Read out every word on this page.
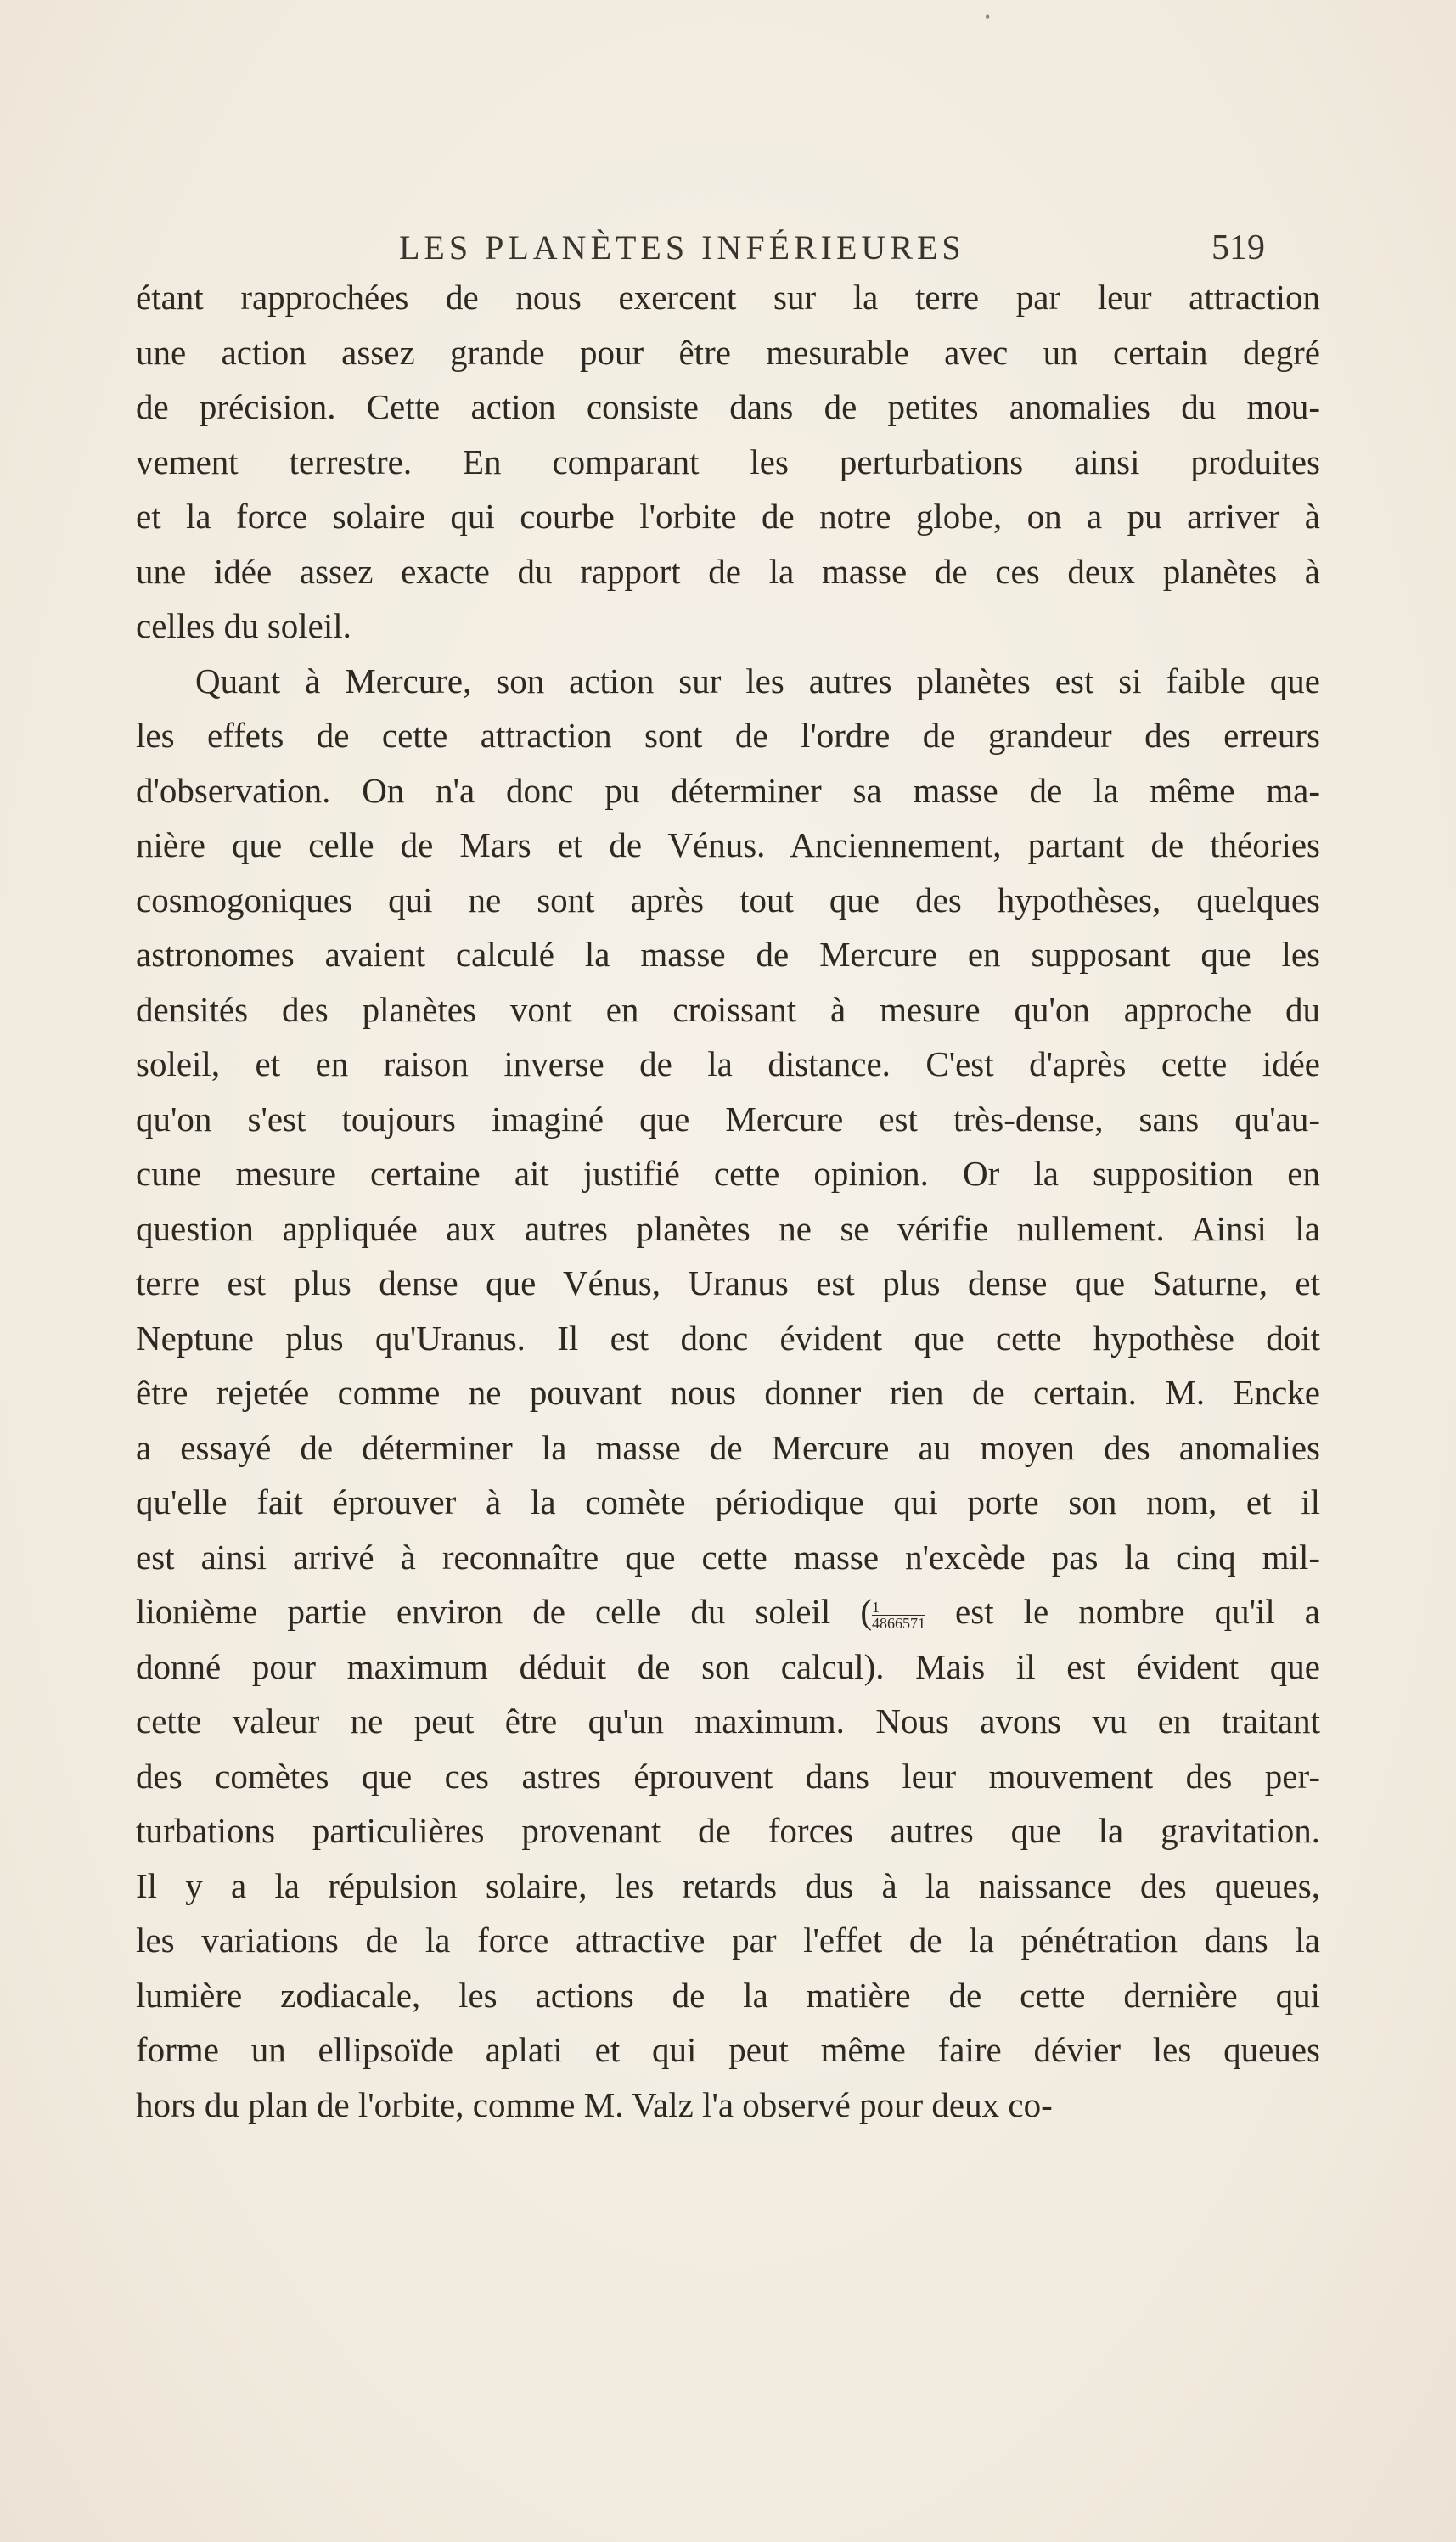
•
LES PLANÈTES INFÉRIEURES	519
étant rapprochées de nous exercent sur la terre par leur attraction
une action assez grande pour être mesurable avec un certain degré
de précision. Cette action consiste dans de petites anomalies du mou-
vement terrestre. En comparant les perturbations ainsi produites
et la force solaire qui courbe l'orbite de notre globe, on a pu arriver à
une idée assez exacte du rapport de la masse de ces deux planètes à
celles du soleil.
Quant à Mercure, son action sur les autres planètes est si faible que
les effets de cette attraction sont de l'ordre de grandeur des erreurs
d'observation. On n'a donc pu déterminer sa masse de la même ma-
nière que celle de Mars et de Vénus. Anciennement, partant de théories
cosmogoniques qui ne sont après tout que des hypothèses, quelques
astronomes avaient calculé la masse de Mercure en supposant que les
densités des planètes vont en croissant à mesure qu'on approche du
soleil, et en raison inverse de la distance. C'est d'après cette idée
qu'on s'est toujours imaginé que Mercure est très-dense, sans qu'au-
cune mesure certaine ait justifié cette opinion. Or la supposition en
question appliquée aux autres planètes ne se vérifie nullement. Ainsi la
terre est plus dense que Vénus, Uranus est plus dense que Saturne, et
Neptune plus qu'Uranus. Il est donc évident que cette hypothèse doit
être rejetée comme ne pouvant nous donner rien de certain. M. Encke
a essayé de déterminer la masse de Mercure au moyen des anomalies
qu'elle fait éprouver à la comète périodique qui porte son nom, et il
est ainsi arrivé à reconnaître que cette masse n'excède pas la cinq mil-
lionième partie environ de celle du soleil ( $\frac{1}{4866571}$ est le nombre qu'il a
donné pour maximum déduit de son calcul). Mais il est évident que
cette valeur ne peut être qu'un maximum. Nous avons vu en traitant
des comètes que ces astres éprouvent dans leur mouvement des per-
turbations particulières provenant de forces autres que la gravitation.
Il y a la répulsion solaire, les retards dus à la naissance des queues,
les variations de la force attractive par l'effet de la pénétration dans la
lumière zodiacale, les actions de la matière de cette dernière qui
forme un ellipsoïde aplati et qui peut même faire dévier les queues
hors du plan de l'orbite, comme M. Valz l'a observé pour deux co-
